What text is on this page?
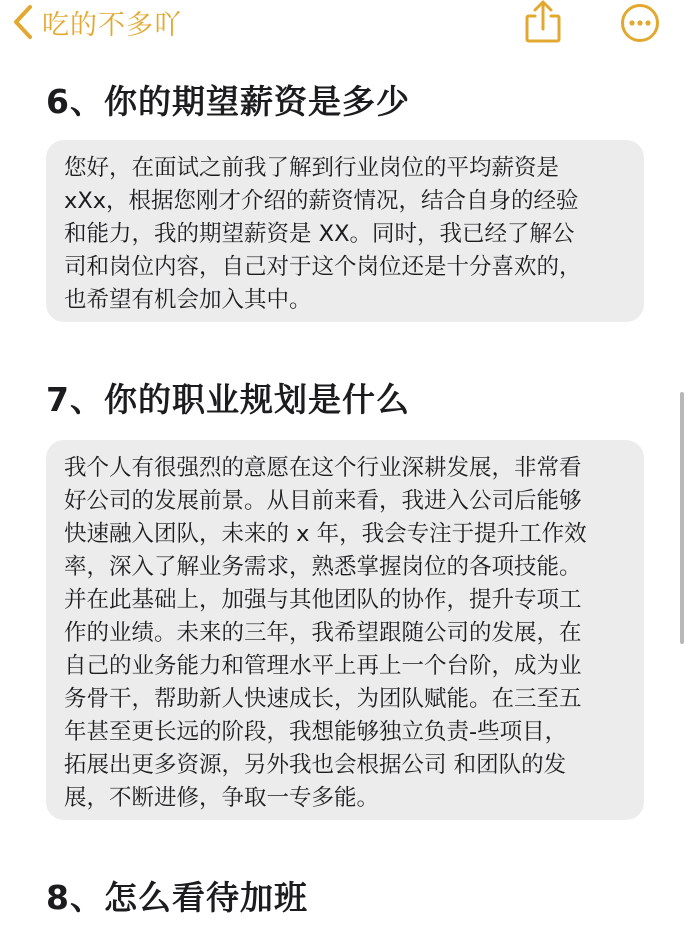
吃的不多吖
6、你的期望薪资是多少
您好，在面试之前我了解到行业岗位的平均薪资是
xXx，根据您刚才介绍的薪资情况，结合自身的经验
和能力，我的期望薪资是 XX。同时，我已经了解公
司和岗位内容，自己对于这个岗位还是十分喜欢的，
也希望有机会加入其中。
7、你的职业规划是什么
我个人有很强烈的意愿在这个行业深耕发展，非常看
好公司的发展前景。从目前来看，我进入公司后能够
快速融入团队，未来的 x 年，我会专注于提升工作效
率，深入了解业务需求，熟悉掌握岗位的各项技能。
并在此基础上，加强与其他团队的协作，提升专项工
作的业绩。未来的三年，我希望跟随公司的发展，在
自己的业务能力和管理水平上再上一个台阶，成为业
务骨干，帮助新人快速成长，为团队赋能。在三至五
年甚至更长远的阶段，我想能够独立负责-些项目，
拓展出更多资源，另外我也会根据公司 和团队的发
展，不断进修，争取一专多能。
8、怎么看待加班
